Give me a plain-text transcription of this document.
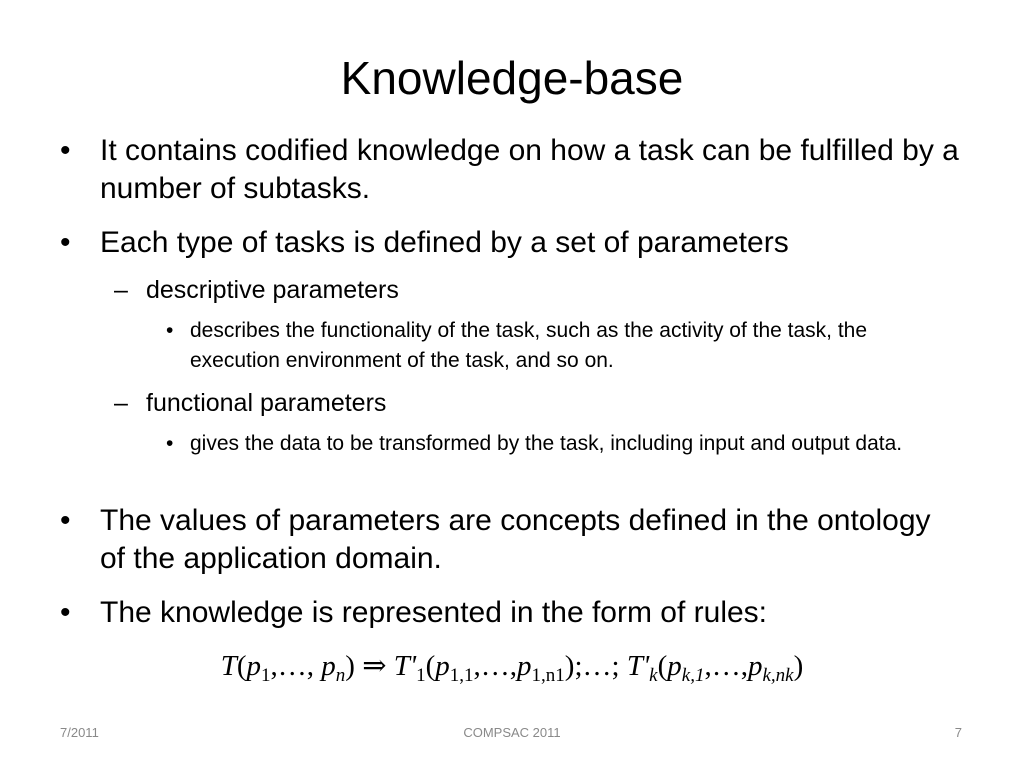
Knowledge-base
• It contains codified knowledge on how a task can be fulfilled by a number of subtasks.
• Each type of tasks is defined by a set of parameters
– descriptive parameters
• describes the functionality of the task, such as the activity of the task, the execution environment of the task, and so on.
– functional parameters
• gives the data to be transformed by the task, including input and output data.
• The values of parameters are concepts defined in the ontology of the application domain.
• The knowledge is represented in the form of rules:
$T(p_1,\dots$, $p_n$) ⇒ $T'_1(p_{1,1},\dots,p_{1,n1});\dots$; $T'_k(p_{k,1},\dots,p_{k,nk})$
7/2011	COMPSAC 2011	7
